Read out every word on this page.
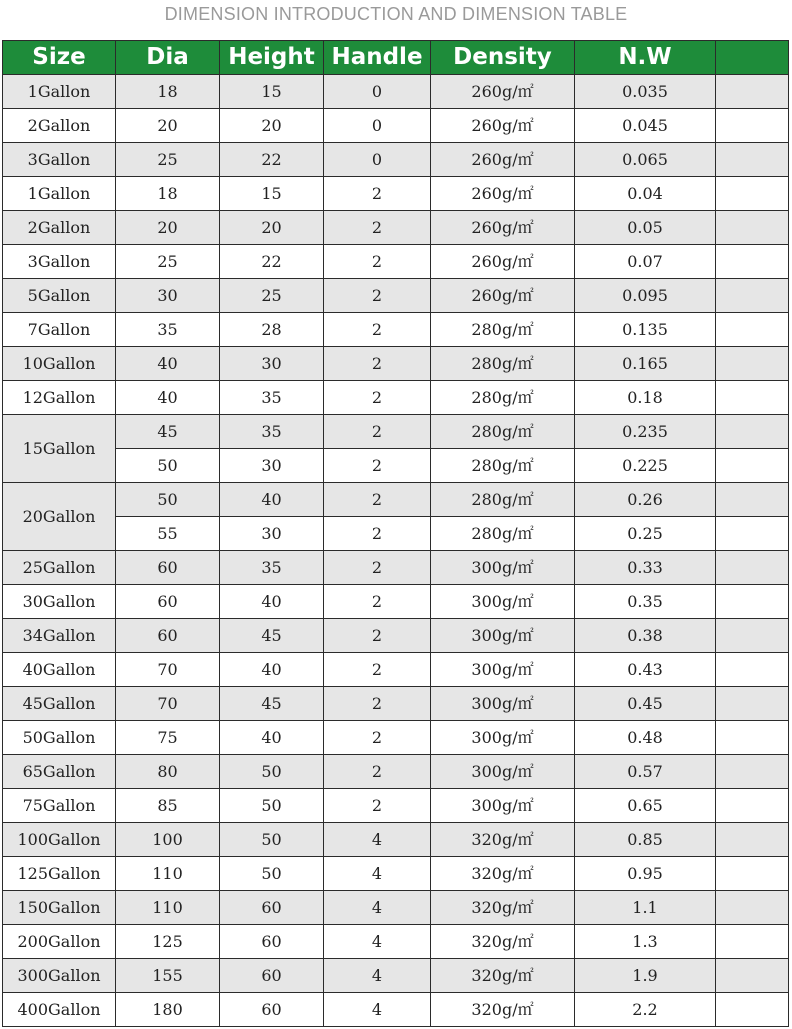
DIMENSION INTRODUCTION AND DIMENSION TABLE
Size	Dia	Height	Handle	Density	N.W	
1Gallon	18	15	0	260g/㎡	0.035	
2Gallon	20	20	0	260g/㎡	0.045	
3Gallon	25	22	0	260g/㎡	0.065	
1Gallon	18	15	2	260g/㎡	0.04	
2Gallon	20	20	2	260g/㎡	0.05	
3Gallon	25	22	2	260g/㎡	0.07	
5Gallon	30	25	2	260g/㎡	0.095	
7Gallon	35	28	2	280g/㎡	0.135	
10Gallon	40	30	2	280g/㎡	0.165	
12Gallon	40	35	2	280g/㎡	0.18	
15Gallon	45	35	2	280g/㎡	0.235	
	50	30	2	280g/㎡	0.225	
20Gallon	50	40	2	280g/㎡	0.26	
	55	30	2	280g/㎡	0.25	
25Gallon	60	35	2	300g/㎡	0.33	
30Gallon	60	40	2	300g/㎡	0.35	
34Gallon	60	45	2	300g/㎡	0.38	
40Gallon	70	40	2	300g/㎡	0.43	
45Gallon	70	45	2	300g/㎡	0.45	
50Gallon	75	40	2	300g/㎡	0.48	
65Gallon	80	50	2	300g/㎡	0.57	
75Gallon	85	50	2	300g/㎡	0.65	
100Gallon	100	50	4	320g/㎡	0.85	
125Gallon	110	50	4	320g/㎡	0.95	
150Gallon	110	60	4	320g/㎡	1.1	
200Gallon	125	60	4	320g/㎡	1.3	
300Gallon	155	60	4	320g/㎡	1.9	
400Gallon	180	60	4	320g/㎡	2.2	
